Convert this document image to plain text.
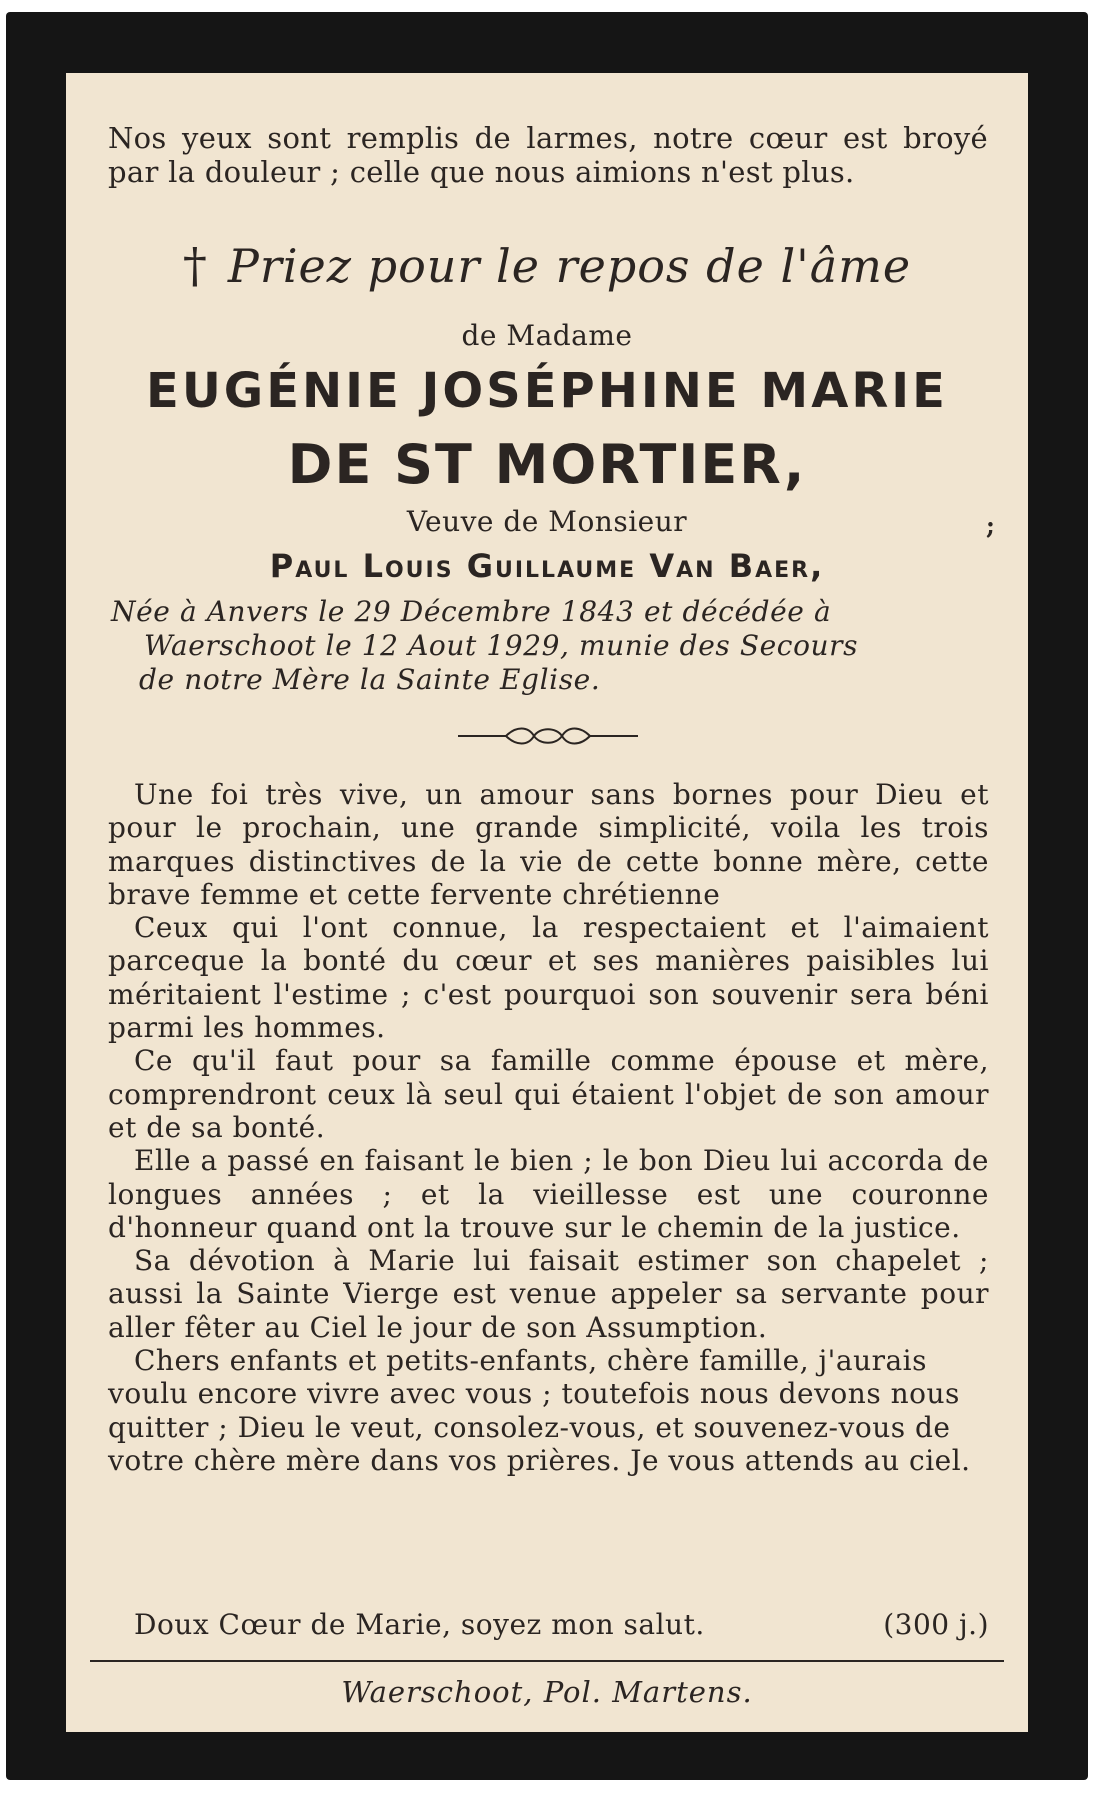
Nos yeux sont remplis de larmes, notre cœur est broyé par la douleur ; celle que nous aimions n'est plus.
† Priez pour le repos de l'âme
de Madame
EUGÉNIE JOSÉPHINE MARIE
DE ST MORTIER,
Veuve de Monsieur
Paul Louis Guillaume Van Baer,
;
Née à Anvers le 29 Décembre 1843 et décédée à
Waerschoot le 12 Aout 1929, munie des Secours
de notre Mère la Sainte Eglise.

Une foi très vive, un amour sans bornes pour Dieu et pour le prochain, une grande simplicité, voila les trois marques distinctives de la vie de cette bonne mère, cette brave femme et cette fervente chrétienne

Ceux qui l'ont connue, la respectaient et l'aimaient parceque la bonté du cœur et ses manières paisibles lui méritaient l'estime ; c'est pourquoi son souvenir sera béni parmi les hommes.

Ce qu'il faut pour sa famille comme épouse et mère, comprendront ceux là seul qui étaient l'objet de son amour et de sa bonté.

Elle a passé en faisant le bien ; le bon Dieu lui accorda de longues années ; et la vieillesse est une couronne d'honneur quand ont la trouve sur le chemin de la justice.

Sa dévotion à Marie lui faisait estimer son chapelet ; aussi la Sainte Vierge est venue appeler sa servante pour aller fêter au Ciel le jour de son Assumption.

Chers enfants et petits-enfants, chère famille, j'aurais voulu encore vivre avec vous ; toutefois nous devons nous quitter ; Dieu le veut, consolez-vous, et souvenez-vous de votre chère mère dans vos prières. Je vous attends au ciel.

Doux Cœur de Marie, soyez mon salut.	(300 j.)
Waerschoot, Pol. Martens.
